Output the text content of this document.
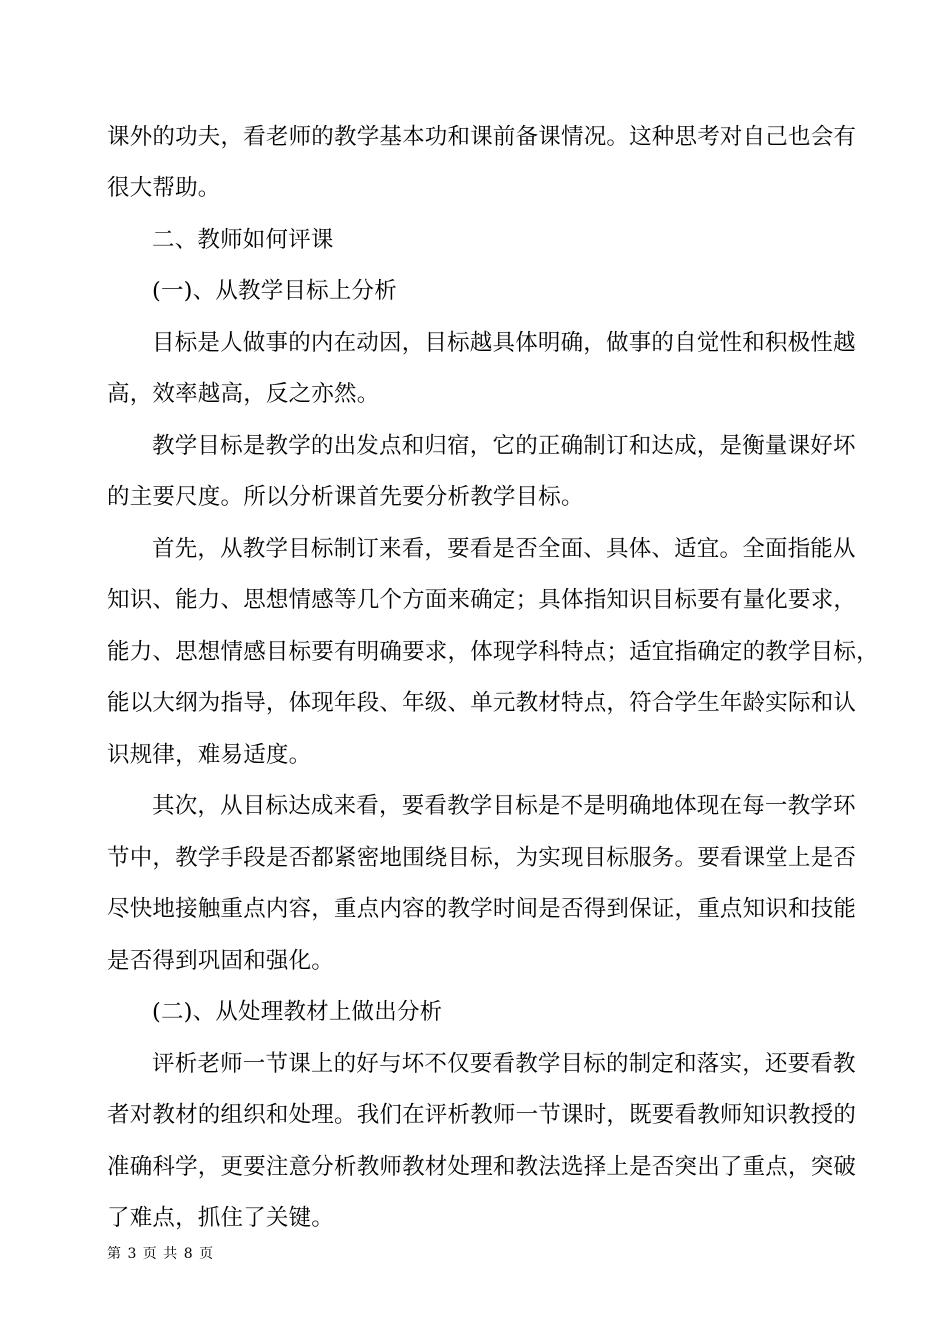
课外的功夫，看老师的教学基本功和课前备课情况。这种思考对自己也会有
很大帮助。
二、教师如何评课
(一)、从教学目标上分析
目标是人做事的内在动因，目标越具体明确，做事的自觉性和积极性越
高，效率越高，反之亦然。
教学目标是教学的出发点和归宿，它的正确制订和达成，是衡量课好坏
的主要尺度。所以分析课首先要分析教学目标。
首先，从教学目标制订来看，要看是否全面、具体、适宜。全面指能从
知识、能力、思想情感等几个方面来确定；具体指知识目标要有量化要求，
能力、思想情感目标要有明确要求，体现学科特点；适宜指确定的教学目标，
能以大纲为指导，体现年段、年级、单元教材特点，符合学生年龄实际和认
识规律，难易适度。
其次，从目标达成来看，要看教学目标是不是明确地体现在每一教学环
节中，教学手段是否都紧密地围绕目标，为实现目标服务。要看课堂上是否
尽快地接触重点内容，重点内容的教学时间是否得到保证，重点知识和技能
是否得到巩固和强化。
(二)、从处理教材上做出分析
评析老师一节课上的好与坏不仅要看教学目标的制定和落实，还要看教
者对教材的组织和处理。我们在评析教师一节课时，既要看教师知识教授的
准确科学，更要注意分析教师教材处理和教法选择上是否突出了重点，突破
了难点，抓住了关键。
第 3 页 共 8 页
